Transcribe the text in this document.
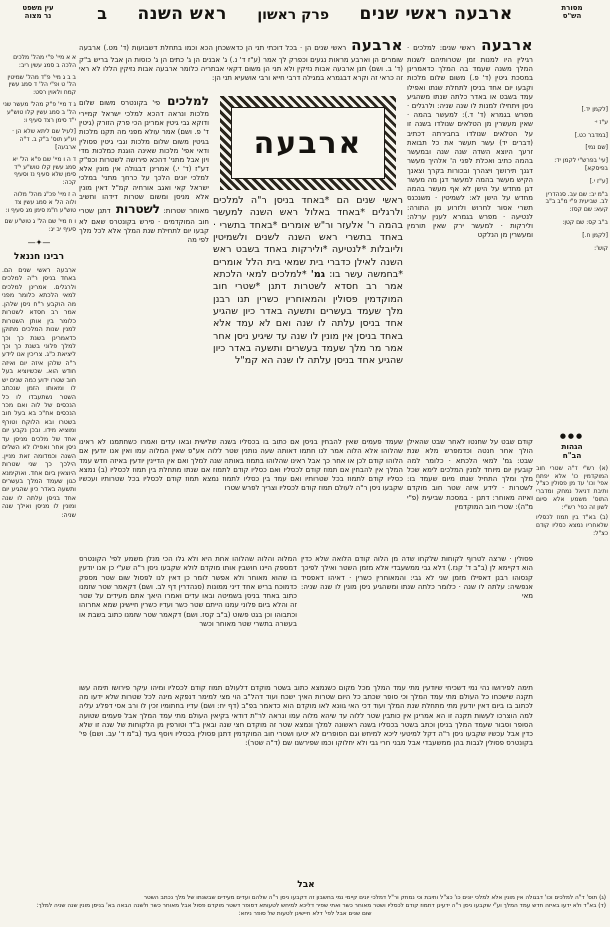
מסורת
הש"ס
ארבעה ראשי שנים
פרק ראשון
ראש השנה
ב
עין משפט
נר מצוה
[לקמן יד.]
ע"ז י·
[במדבר כט.]
[שם נמי]
[עי' בפרש"י לקמן יד: בפיסקא]
[ע"ז י.]
ב"מ יב: שם עב. סנהדרין לב. שביעית פ"י מ"ב ב"ב קעא: שם קסז:
ב"ב קס: שם קטן:
[לקמן ח.]
קוש':
●●●
הגהות
הב"ח
(א) רש"י ד"ה שטרי חוב המוקדמין כו' אלא יפתח אפי' וכו' עד מן פסולין כצ"ל ותיבת דניאל נמחק ומדברי התוס' משמע אלא סיום לשון זה כפי' רש"י:
(ב) בא"ד בין תמוז לכסליו שלאחריו נמצא כסליו קודם כצ"ל:
ארבעה ראשי שנים: למלכים · רגילין היו למנות זמן שטרותיהם לשנות המלך משנה שעמד בה המלך כדאמרינן במסכת גיטין (ד' פ.) משום שלום מלכות וקבעו יום אחד בניסן לתחלת שנתו ואפילו עמד בשבט או באדר כלתה שנתו משהגיע ניסן ויתחילו למנות לו שנה שניה: ולרגלים · מפרש בגמרא (ד' ד.): למעשר בהמה · שאין מעשרין מן הטלאים שנולדו בשנה זו על הטלאים שנולדו בחבירתה דכתיב (דברים יד) עשר תעשר את כל תבואת זרעך היוצא השדה שנה שנה ובמעשר בהמה כתיב ואכלת לפני ה' אלהיך מעשר דגנך תירושך ויצהרך ובכורות בקרך וצאנך הקיש מעשר בהמה למעשר דגן מה מעשר דגן מחדש על הישן לא אף מעשר בהמה מחדש על הישן לא: לשמיטין · משנכנס תשרי אסור לחרוש ולזרוע מן התורה: לנטיעה · מפרש בגמרא לענין ערלה: ולירקות · למעשר ירק שאין תורמין ומעשרין מן הנלקט
ארבעה ראשי שנים הן · בכל דוכתי תני הן כדאשכחן הכא וכמו בתחלת דשבועות (ד' מט.) ארבעה שומרים הן וארבע מראות נגעים וכפרק לך אמר (ע"ז ד' נ.) ג' אבנים הן ג' כתים הן ג' כוסות הן אבל בריש ב"ק (ד' ב. ושם) תנן ארבעה אבות נזיקין ולא תני הן משום דקאי אבתריה כלומר ארבעה אבות נזיקין הללו לא ראי זה כראי זה וקרא דבגמרא במגילה דרבי חייא ורבי אושעיא תני הן:
ארבעה
ראשי שנים הם *באחד בניסן ר"ה למלכים ולרגלים *באחד באלול ראש השנה למעשר בהמה ר' אלעזר ור"ש אומרים *באחד בתשרי · באחד בתשרי ראש השנה לשנים ולשמיטין וליובלות *לנטיעה *ולירקות באחד בשבט ראש השנה לאילן כדברי בית שמאי בית הלל אומרים *בחמשה עשר בו: גמ' *למלכים למאי הלכתא אמר רב חסדא לשטרות דתנן *שטרי חוב המוקדמין פסולין והמאוחרין כשרין תנו רבנן מלך שעמד בעשרים ותשעה באדר כיון שהגיע אחד בניסן עלתה לו שנה ואם לא עמד אלא באחד בניסן אין מונין לו שנה עד שיגיע ניסן אחר אמר מר מלך שעמד בעשרים ותשעה באדר כיון שהגיע אחד בניסן עלתה לו שנה הא קמ"ל
למלכים פי' בקונטרס משום שלום מלכות ונראה דהכא למלכי ישראל קמיירי ודוקא גבי גיטין אמרינן הכי פרק הזורק (גיטין ד' פ. ושם) אמר עולא מפני מה תקנו מלכות בגיטין משום שלום מלכות וגבי גיטין פסולין ודאי אפי' מלכות שאינה הוגנת כמלכות מדי ויון אבל מתני' דהכא פירושה לשטרות וכפ"ק דע"ז (ד' י.) אמרינן דבגולה אין מונין אלא למלכי יונים הלכך על כרחך מתני' במלכי ישראל קאי ואגב אורחיה קמ"ל דאין מונין אלא מניסן ומשום שטרות דידהו וחשיב מאוחר שטרות: לשטרות דתנן שטרי חוב המוקדמים · פירש בקונטרס שאם לא קבעו יום לתחילת שנת המלך אלא לכל מלך לפי מה
קודם שבט על שחנטו לאחר שבט שהאילן הולך אחר חנטה וכדמפרש מלא שנת שבט: גמ' למאי הלכתא · כלומר למה קובעין יום מיוחד למנין המלכים לימא שכל מלך ומלך התחיל שנתו מיום שעמד בו: לשטרות · לידע איזה שטר חוב מוקדם ואיזה מאוחר: דתנן · במסכת שביעית (פ"י מ"ה): שטרי חוב המוקדמין
שעמד פעמים שאין להבחין בניסן אם כתוב בו בכסליו בשנה שלישית ובאו עדים ואמרו כשחתמנו לא ראינו שהלוהו אלא הלוה אמר לנו חתמו דאותה שעה נותנין שטר ללוה אע"פ שאין המלוה עמו ואין אנו יודעין אם הלוהו קודם לכן או אחר כך אבל ראינו שהלוהו בתמוז באותה שנה למלך ואם אין הדיינין יודעין באיזה חדש עמד המלך אין להבחין אם תמוז קודם לכסליו ואם כסליו קודם לתמוז אם שנתו מתחלת בין תמוז לכסליו (ב) נמצא כסליו קודם לתמוז בכל שטרותיו ואם עמד בין כסליו לתמוז נמצא תמוז קודם לכסליו בכל שטרותיו ועכשיו שקבעו ניסן ר"ה לעולם תמוז קודם לכסליו וצריך לפרש שטרו
פסולין · שרצה לטרוף לקוחות שלקחו שדה מן הלוה קודם הלואה שלא כדין הוא דקיימא לן (ב"ב ד' קנז.) דלא גבי ממשעבדי אלא מזמן השטר ואילך לפיכך קנסוהו רבנן דאפילו מזמן שני לא גבי: והמאוחרין כשרין · דאיהו דאפסיד אנפשיה: עלתה לו שנה · כלומר כלתה שנתו ומשהגיע ניסן מונין לו שנה שניה: מאי
המלוה והלוה שהלוהו אחת היא ולא גלו הכי מנלן משמע לפי' הקונטרס דמספק היינו חושבין אותו מוקדם לולא שקבעו ניסן ר"ה שע"י כן אנו יודעין בו שהוא מאוחר ולא אפשר לומר כן דאין לנו לפסול שום שטר מספק כדמוכח בריש אחד דיני ממונות (סנהדרין דף לב. ושם) דקאמר שטר שזמנו כתוב באחד בניסן בשמיטה ובאו עדים ואמרו היאך אתם מעידים על שטר זה והלא ביום פלוני עמנו הייתם שטר כשר ועדיו כשרין חיישינן שמא אחרוהו וכתבוהו וכן בגט פשוט (ב"ב קסז. ושם) דקאמר שטר שזמנו כתוב בשבת או בעשרה בתשרי שטר מאוחר וכשר
תימה לפירושו נהי נמי דשכיחי שיודעין מתי עמד המלך מכל מקום כשנמצא כתוב בשטר מוקדם דלעולם תמוז קודם לכסליו ומיהו עיקר פירושו תימה עשו תקנה שישכחו כל העולם מתי עמד המלך וכי סופר שכתב כל היום שטרות האיך ישכח ועוד דהל"ב הוי מצי למימר דנפקא מינה לכל שטרות שלא ידעו מה לכתוב בו ביום דאין יודעין מתי מתחלת שנת המלך ועוד דכי האי גוונא לאו מוקדם הוא כדאמר בפ"ב (דף יח: ושם) עדיו בחתומיו זכין לו ורב אסי דפליג עליה למה הוצרכו לעשות תקנה זו הא אמרינן אין כותבין שטר ללוה עד שיהא מלוה עמו ונראה לר"ת דודאי בקיאין העולם מתי עמד המלך אבל פעמים שטועה הסופר וסבור שעמד המלך בניסן וכתב בשטר בכסליו בשנה ראשונה למלך ונמצא שטר זה מוקדם חצי שנה ובאין ב"ד וטורפין מן הלקוחות של שנה זו שלא כדין אבל עכשיו שקבעו ניסן ר"ה דקל למיטעי ליכא למיחש וגם הסופרים לא יטעו ושטרי חוב המוקדמין דתנן פסולין בכסליו ויוסף בעד (ב"מ ד' עב. ושם) פי' בקונטרס פסולין לגבות בהן ממשעבדי אבל מבני חרי גבי ולא יחלוקו וכמו שפירשנו שם (ד"ה שטר):
אבל
א א מיי' פ"י מהל' מלכים הלכה ב סמג עשין ריב:
ב ב ג מיי' פ"ד מהל' שמיטין הל' ט ופ"י הל' ד סמג עשין קמח ולאוין רסט:
ג ד מיי' פ"ק מהל' מעשר שני הל' ב סמג עשין קלו טוש"ע י"ד סימן רצד סעיף ו:
[לעיל שם ליתא שלא הן · וע"ע תוס' ב"ק ב. ד"ה ארבעה]
ד ה ו מיי' שם פ"א הל' יא סמג עשין קלו טוש"ע י"ד סימן שלא סעיף נז וסעיף קכה:
ה ז מיי' פכ"ג מהל' מלוה ולוה הל' א סמג עשין צד טוש"ע ח"מ סימן מג סעיף ו:
ו ח מיי' שם הל' ג טוש"ע שם סעיף יב יג:
—✦—
רבינו חננאל
ארבעה ראשי שנים הם. באחד בניסן ר"ה למלכים ולרגלים. אמרינן למלכים למאי הלכתא כלומר מפני מה הוקבע ר"ח ניסן שלהן. אמר רב חסדא לשטרות כלומר בין אותן השטרות למנין שנות המלכים מתוקן כדאמרינן בשנת כך וכך למלך פלוני בשנת כך וכך ליציאת כ"ג. צריכין אנו לידע ר"ה שלהן איזה יום ואיזה חודש הוא. שכשיוציא בעל חוב שטרו ידוע כמה שנים יש לו ומאותו הזמן שנכתב השטר נשתעבדו לו כל הנכסים של לוה ואם מכר הנכסים אח"כ בא בעל חוב בשטרו ובא הלוקח וטורף ומוציא מידו. ובכן נקבע יום אחד של מלכים מניסן עד ניסן אחר ואפילו לא השלים השנה וכמדומה זאת מניין. הילכך כך שני שטרות היוצאין ביום אחד. ואוקימנא כגון שעמד המלך בעשרים ותשעה באדר כיון שהגיע יום אחד בניסן עלתה לו שנה ומונין לו מניסן ואילך שנה שניה:
(ג) תוס' ד"ה למלכים וכו' דבגולה אין מונין אלא למלכי יונים כו' כצ"ל ותיבת וכי נמחק ור"ל דמלכי יונים קיימי נמי בחשבון זה דקבעו ניסן ר"ה שלהם ועדים מעידים שבשנתו של מלך נכתב השטר
(ד) בא"ד ולא ידעו באיזה חדש עמד המלך וע"י שקבעו ניסן ר"ה ידעינן דתמוז קודם לכסליו ושטר מאוחר כשר ואתי שפיר דליכא למיחש לטעותא דסופר דשטר מוקדם פסול אבל מאוחר כשר ולשנה הבאה בא' בניסן מונין שנה שניה למלך:
שום שנים אבל לפי' דלא חיישינן לטעות של סופר ניחא:
